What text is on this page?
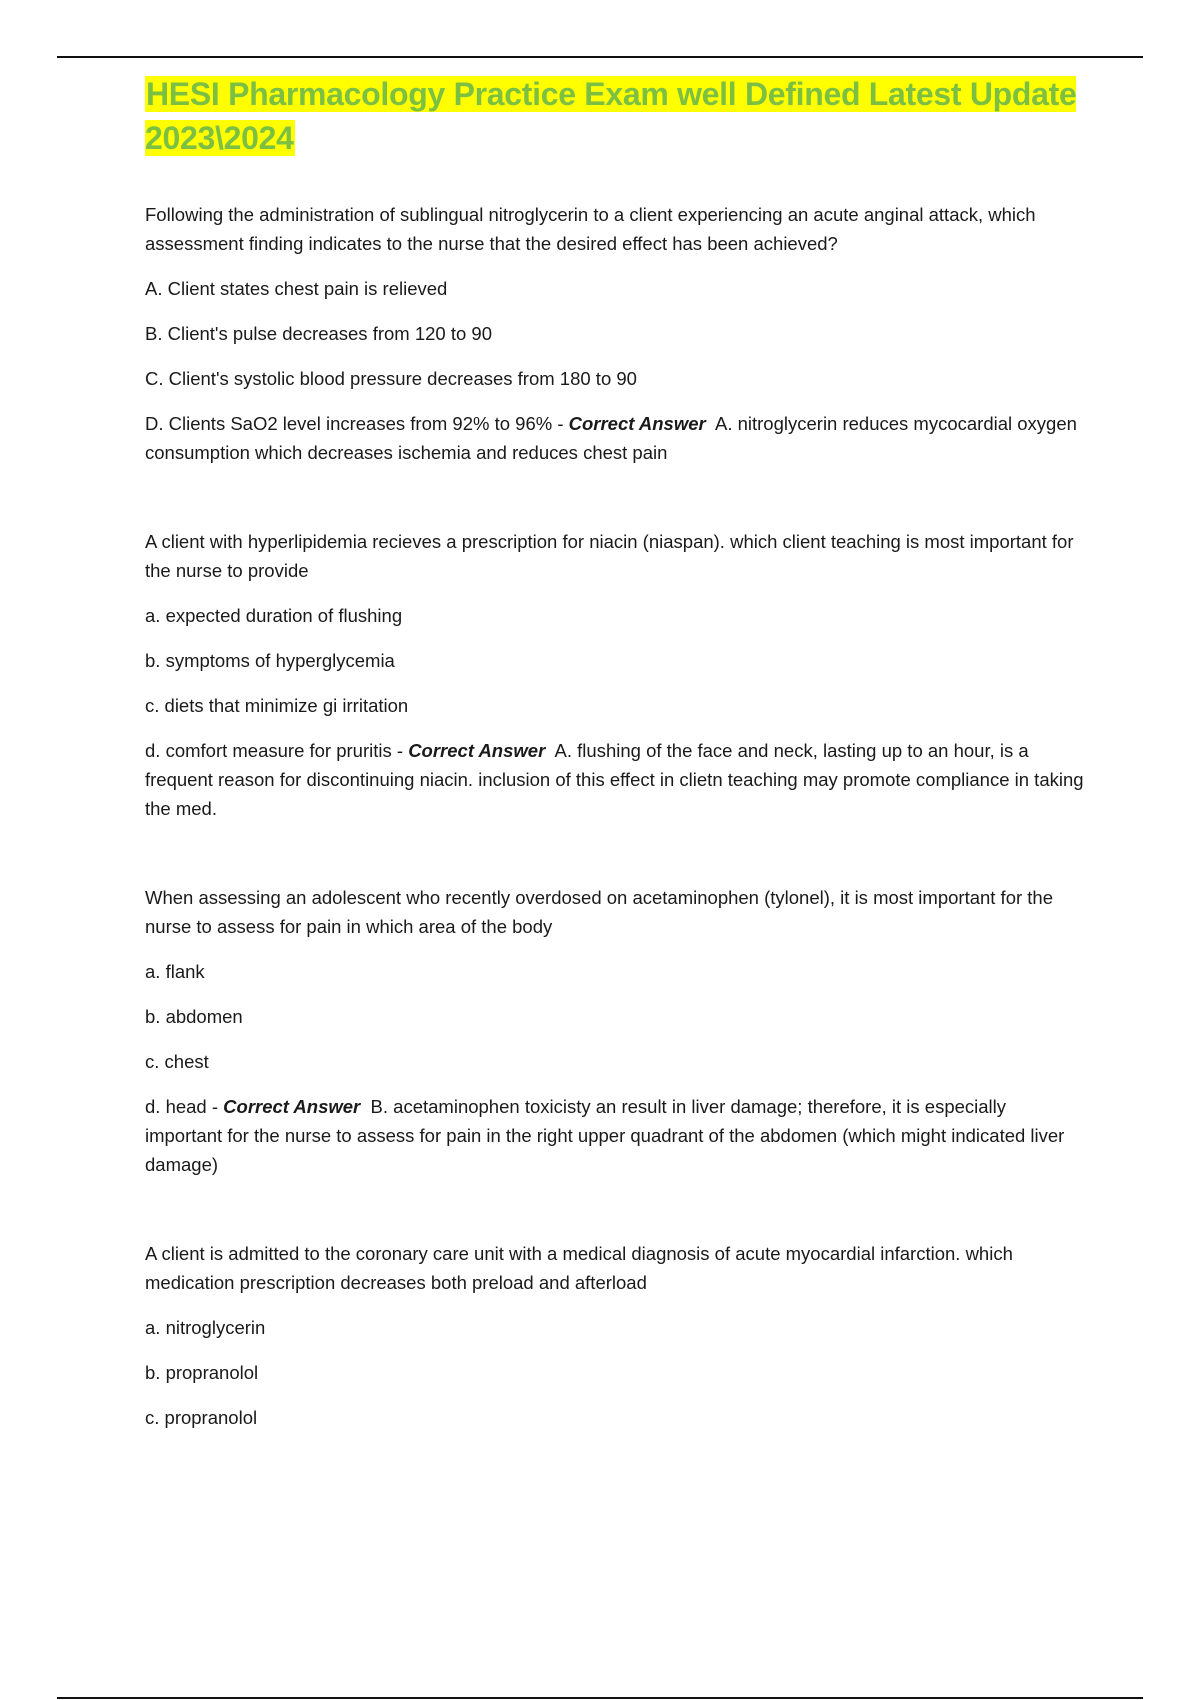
HESI Pharmacology Practice Exam well Defined Latest Update 2023\2024

Following the administration of sublingual nitroglycerin to a client experiencing an acute anginal attack, which assessment finding indicates to the nurse that the desired effect has been achieved?

A. Client states chest pain is relieved

B. Client's pulse decreases from 120 to 90

C. Client's systolic blood pressure decreases from 180 to 90

D. Clients SaO2 level increases from 92% to 96% - Correct Answer A. nitroglycerin reduces mycocardial oxygen consumption which decreases ischemia and reduces chest pain

A client with hyperlipidemia recieves a prescription for niacin (niaspan). which client teaching is most important for the nurse to provide

a. expected duration of flushing

b. symptoms of hyperglycemia

c. diets that minimize gi irritation

d. comfort measure for pruritis - Correct Answer A. flushing of the face and neck, lasting up to an hour, is a frequent reason for discontinuing niacin. inclusion of this effect in clietn teaching may promote compliance in taking the med.

When assessing an adolescent who recently overdosed on acetaminophen (tylonel), it is most important for the nurse to assess for pain in which area of the body

a. flank

b. abdomen

c. chest

d. head - Correct Answer B. acetaminophen toxicisty an result in liver damage; therefore, it is especially important for the nurse to assess for pain in the right upper quadrant of the abdomen (which might indicated liver damage)

A client is admitted to the coronary care unit with a medical diagnosis of acute myocardial infarction. which medication prescription decreases both preload and afterload

a. nitroglycerin

b. propranolol

c. propranolol
